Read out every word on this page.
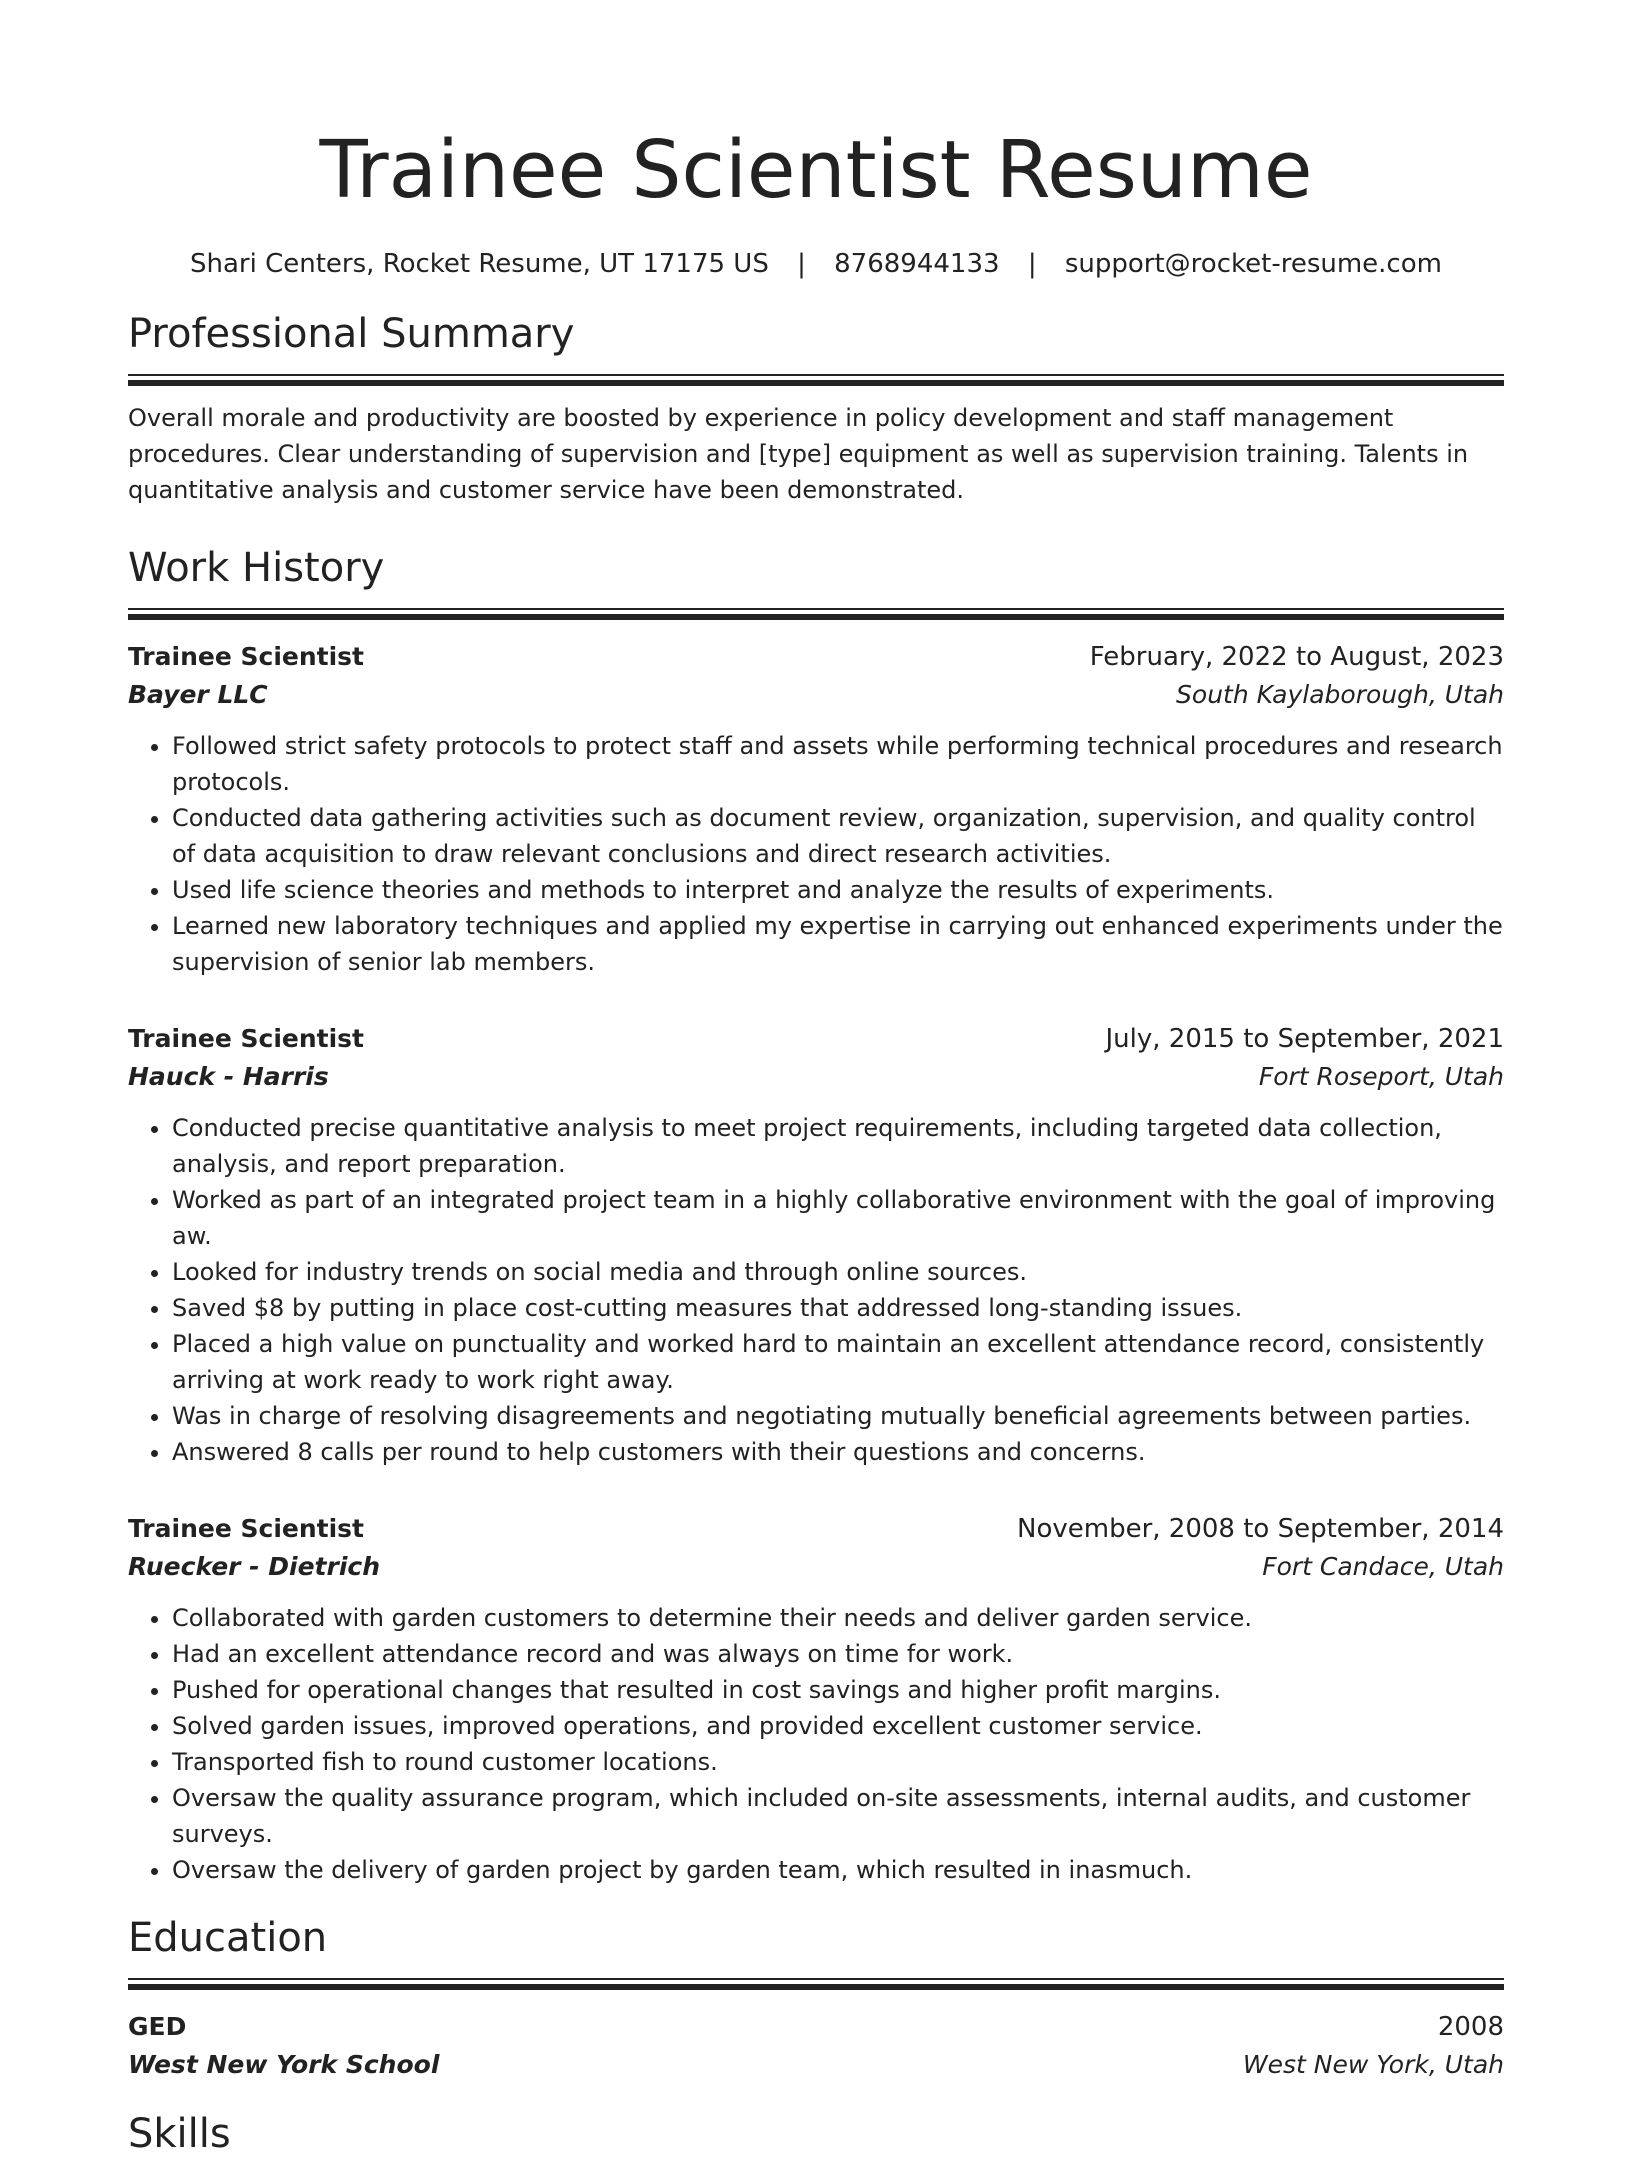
Trainee Scientist Resume
Shari Centers, Rocket Resume, UT 17175 US | 8768944133 | support@rocket-resume.com
Professional Summary
Overall morale and productivity are boosted by experience in policy development and staff management procedures. Clear understanding of supervision and [type] equipment as well as supervision training. Talents in quantitative analysis and customer service have been demonstrated.
Work History
Trainee Scientist	February, 2022 to August, 2023
Bayer LLC	South Kaylaborough, Utah
• Followed strict safety protocols to protect staff and assets while performing technical procedures and research protocols.
• Conducted data gathering activities such as document review, organization, supervision, and quality control of data acquisition to draw relevant conclusions and direct research activities.
• Used life science theories and methods to interpret and analyze the results of experiments.
• Learned new laboratory techniques and applied my expertise in carrying out enhanced experiments under the supervision of senior lab members.
Trainee Scientist	July, 2015 to September, 2021
Hauck - Harris	Fort Roseport, Utah
• Conducted precise quantitative analysis to meet project requirements, including targeted data collection, analysis, and report preparation.
• Worked as part of an integrated project team in a highly collaborative environment with the goal of improving aw.
• Looked for industry trends on social media and through online sources.
• Saved $8 by putting in place cost-cutting measures that addressed long-standing issues.
• Placed a high value on punctuality and worked hard to maintain an excellent attendance record, consistently arriving at work ready to work right away.
• Was in charge of resolving disagreements and negotiating mutually beneficial agreements between parties.
• Answered 8 calls per round to help customers with their questions and concerns.
Trainee Scientist	November, 2008 to September, 2014
Ruecker - Dietrich	Fort Candace, Utah
• Collaborated with garden customers to determine their needs and deliver garden service.
• Had an excellent attendance record and was always on time for work.
• Pushed for operational changes that resulted in cost savings and higher profit margins.
• Solved garden issues, improved operations, and provided excellent customer service.
• Transported fish to round customer locations.
• Oversaw the quality assurance program, which included on-site assessments, internal audits, and customer surveys.
• Oversaw the delivery of garden project by garden team, which resulted in inasmuch.
Education
GED	2008
West New York School	West New York, Utah
Skills
